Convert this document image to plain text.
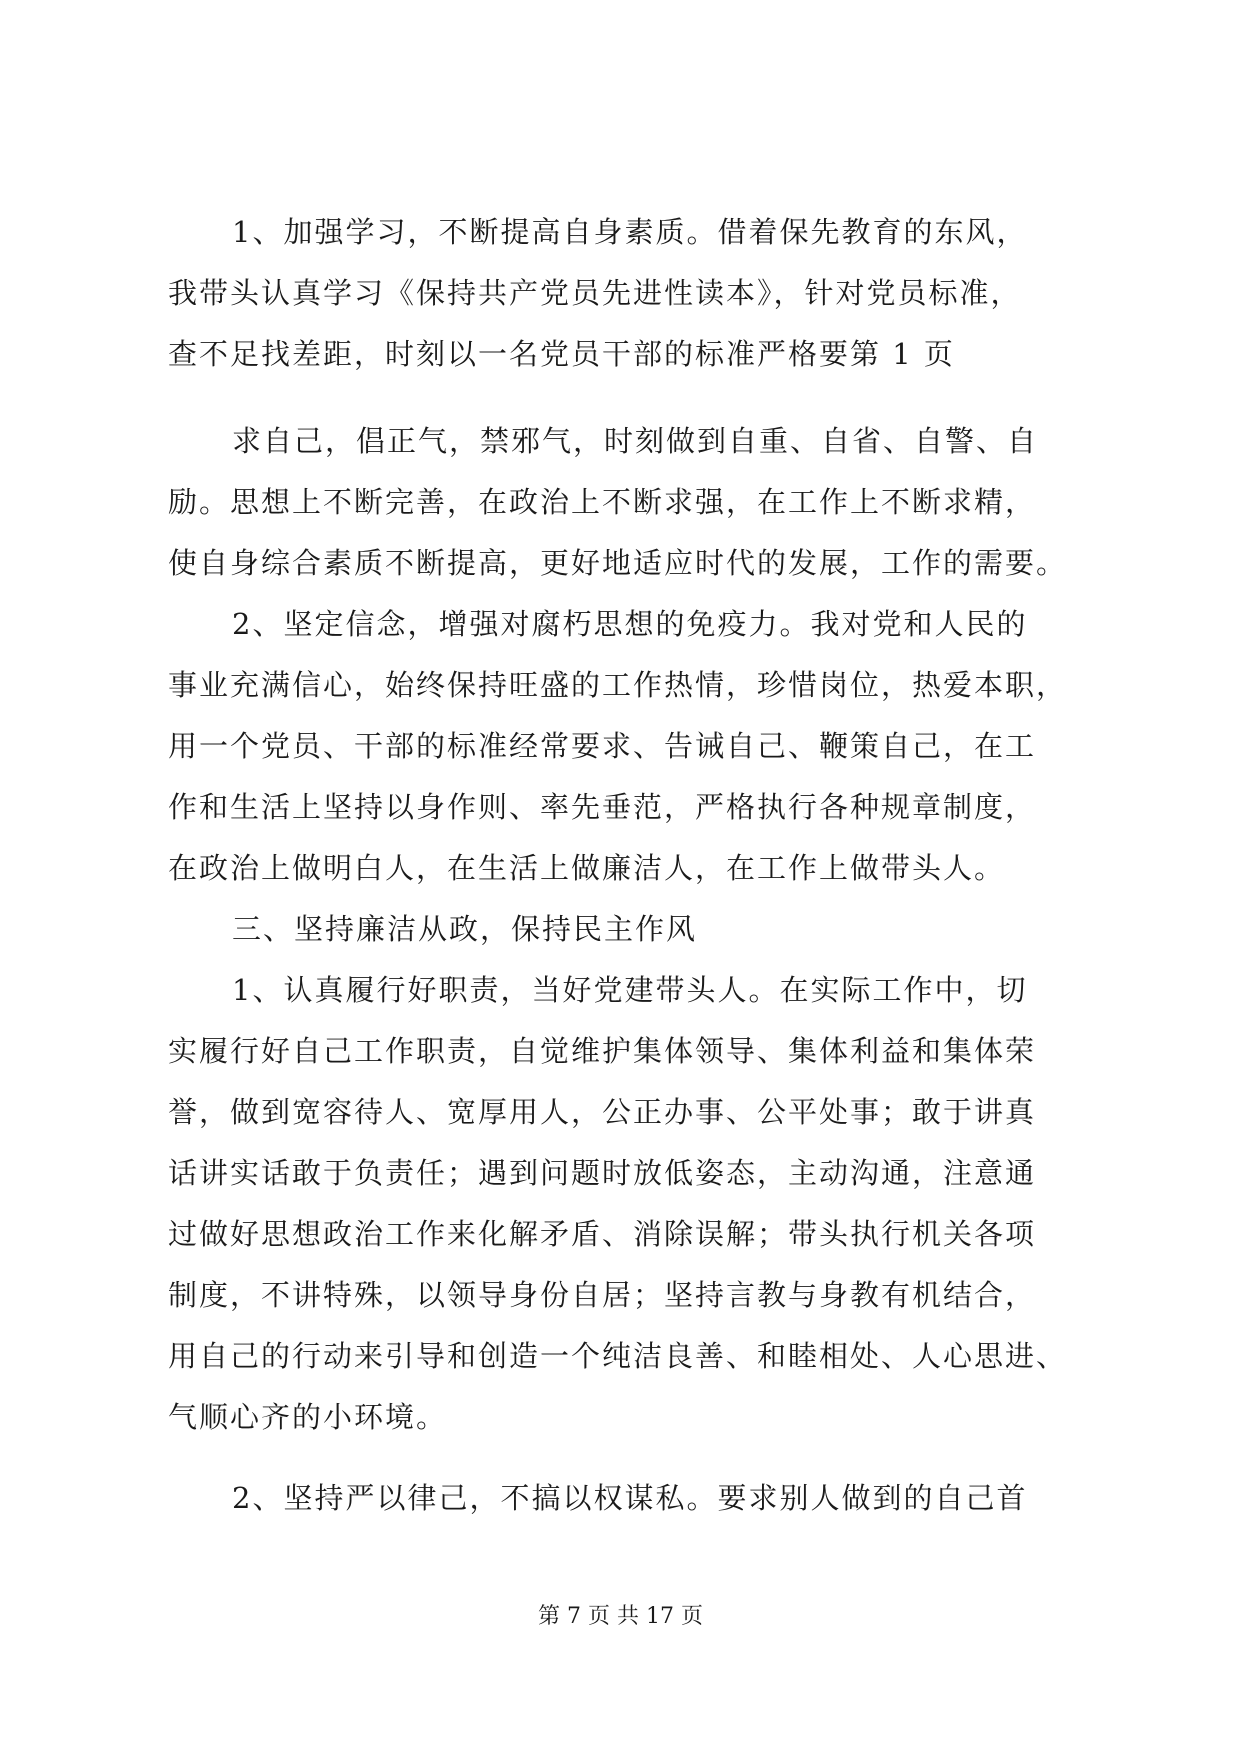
1、加强学习，不断提高自身素质。借着保先教育的东风，
我带头认真学习《保持共产党员先进性读本》，针对党员标准，
查不足找差距，时刻以一名党员干部的标准严格要第 1 页
求自己，倡正气，禁邪气，时刻做到自重、自省、自警、自
励。思想上不断完善，在政治上不断求强，在工作上不断求精，
使自身综合素质不断提高，更好地适应时代的发展，工作的需要。
2、坚定信念，增强对腐朽思想的免疫力。我对党和人民的
事业充满信心，始终保持旺盛的工作热情，珍惜岗位，热爱本职，
用一个党员、干部的标准经常要求、告诫自己、鞭策自己，在工
作和生活上坚持以身作则、率先垂范，严格执行各种规章制度，
在政治上做明白人，在生活上做廉洁人，在工作上做带头人。
三、坚持廉洁从政，保持民主作风
1、认真履行好职责，当好党建带头人。在实际工作中，切
实履行好自己工作职责，自觉维护集体领导、集体利益和集体荣
誉，做到宽容待人、宽厚用人，公正办事、公平处事；敢于讲真
话讲实话敢于负责任；遇到问题时放低姿态，主动沟通，注意通
过做好思想政治工作来化解矛盾、消除误解；带头执行机关各项
制度，不讲特殊，以领导身份自居；坚持言教与身教有机结合，
用自己的行动来引导和创造一个纯洁良善、和睦相处、人心思进、
气顺心齐的小环境。
2、坚持严以律己，不搞以权谋私。要求别人做到的自己首
第 7 页 共 17 页
